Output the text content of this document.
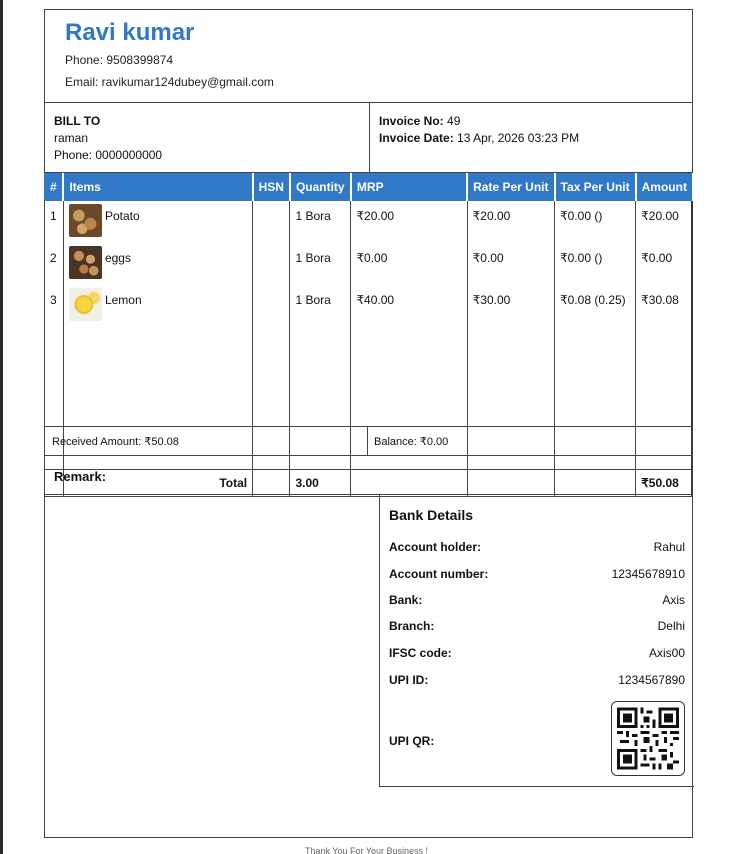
Ravi kumar
Phone: 9508399874
Email: ravikumar124dubey@gmail.com
BILL TO
raman
Phone: 0000000000
Invoice No: 49
Invoice Date: 13 Apr, 2026 03:23 PM
#	Items	HSN	Quantity	MRP	Rate Per Unit	Tax Per Unit	Amount
1	Potato		1 Bora	₹20.00	₹20.00	₹0.00 ()	₹20.00
2	eggs		1 Bora	₹0.00	₹0.00	₹0.00 ()	₹0.00
3	Lemon		1 Bora	₹40.00	₹30.00	₹0.08 (0.25)	₹30.08

	Total		3.00				₹50.08
Received Amount: ₹50.08	Balance: ₹0.00
Remark:
Bank Details
Account holder:	Rahul
Account number:	12345678910
Bank:	Axis
Branch:	Delhi
IFSC code:	Axis00
UPI ID:	1234567890
UPI QR:
Thank You For Your Business !
